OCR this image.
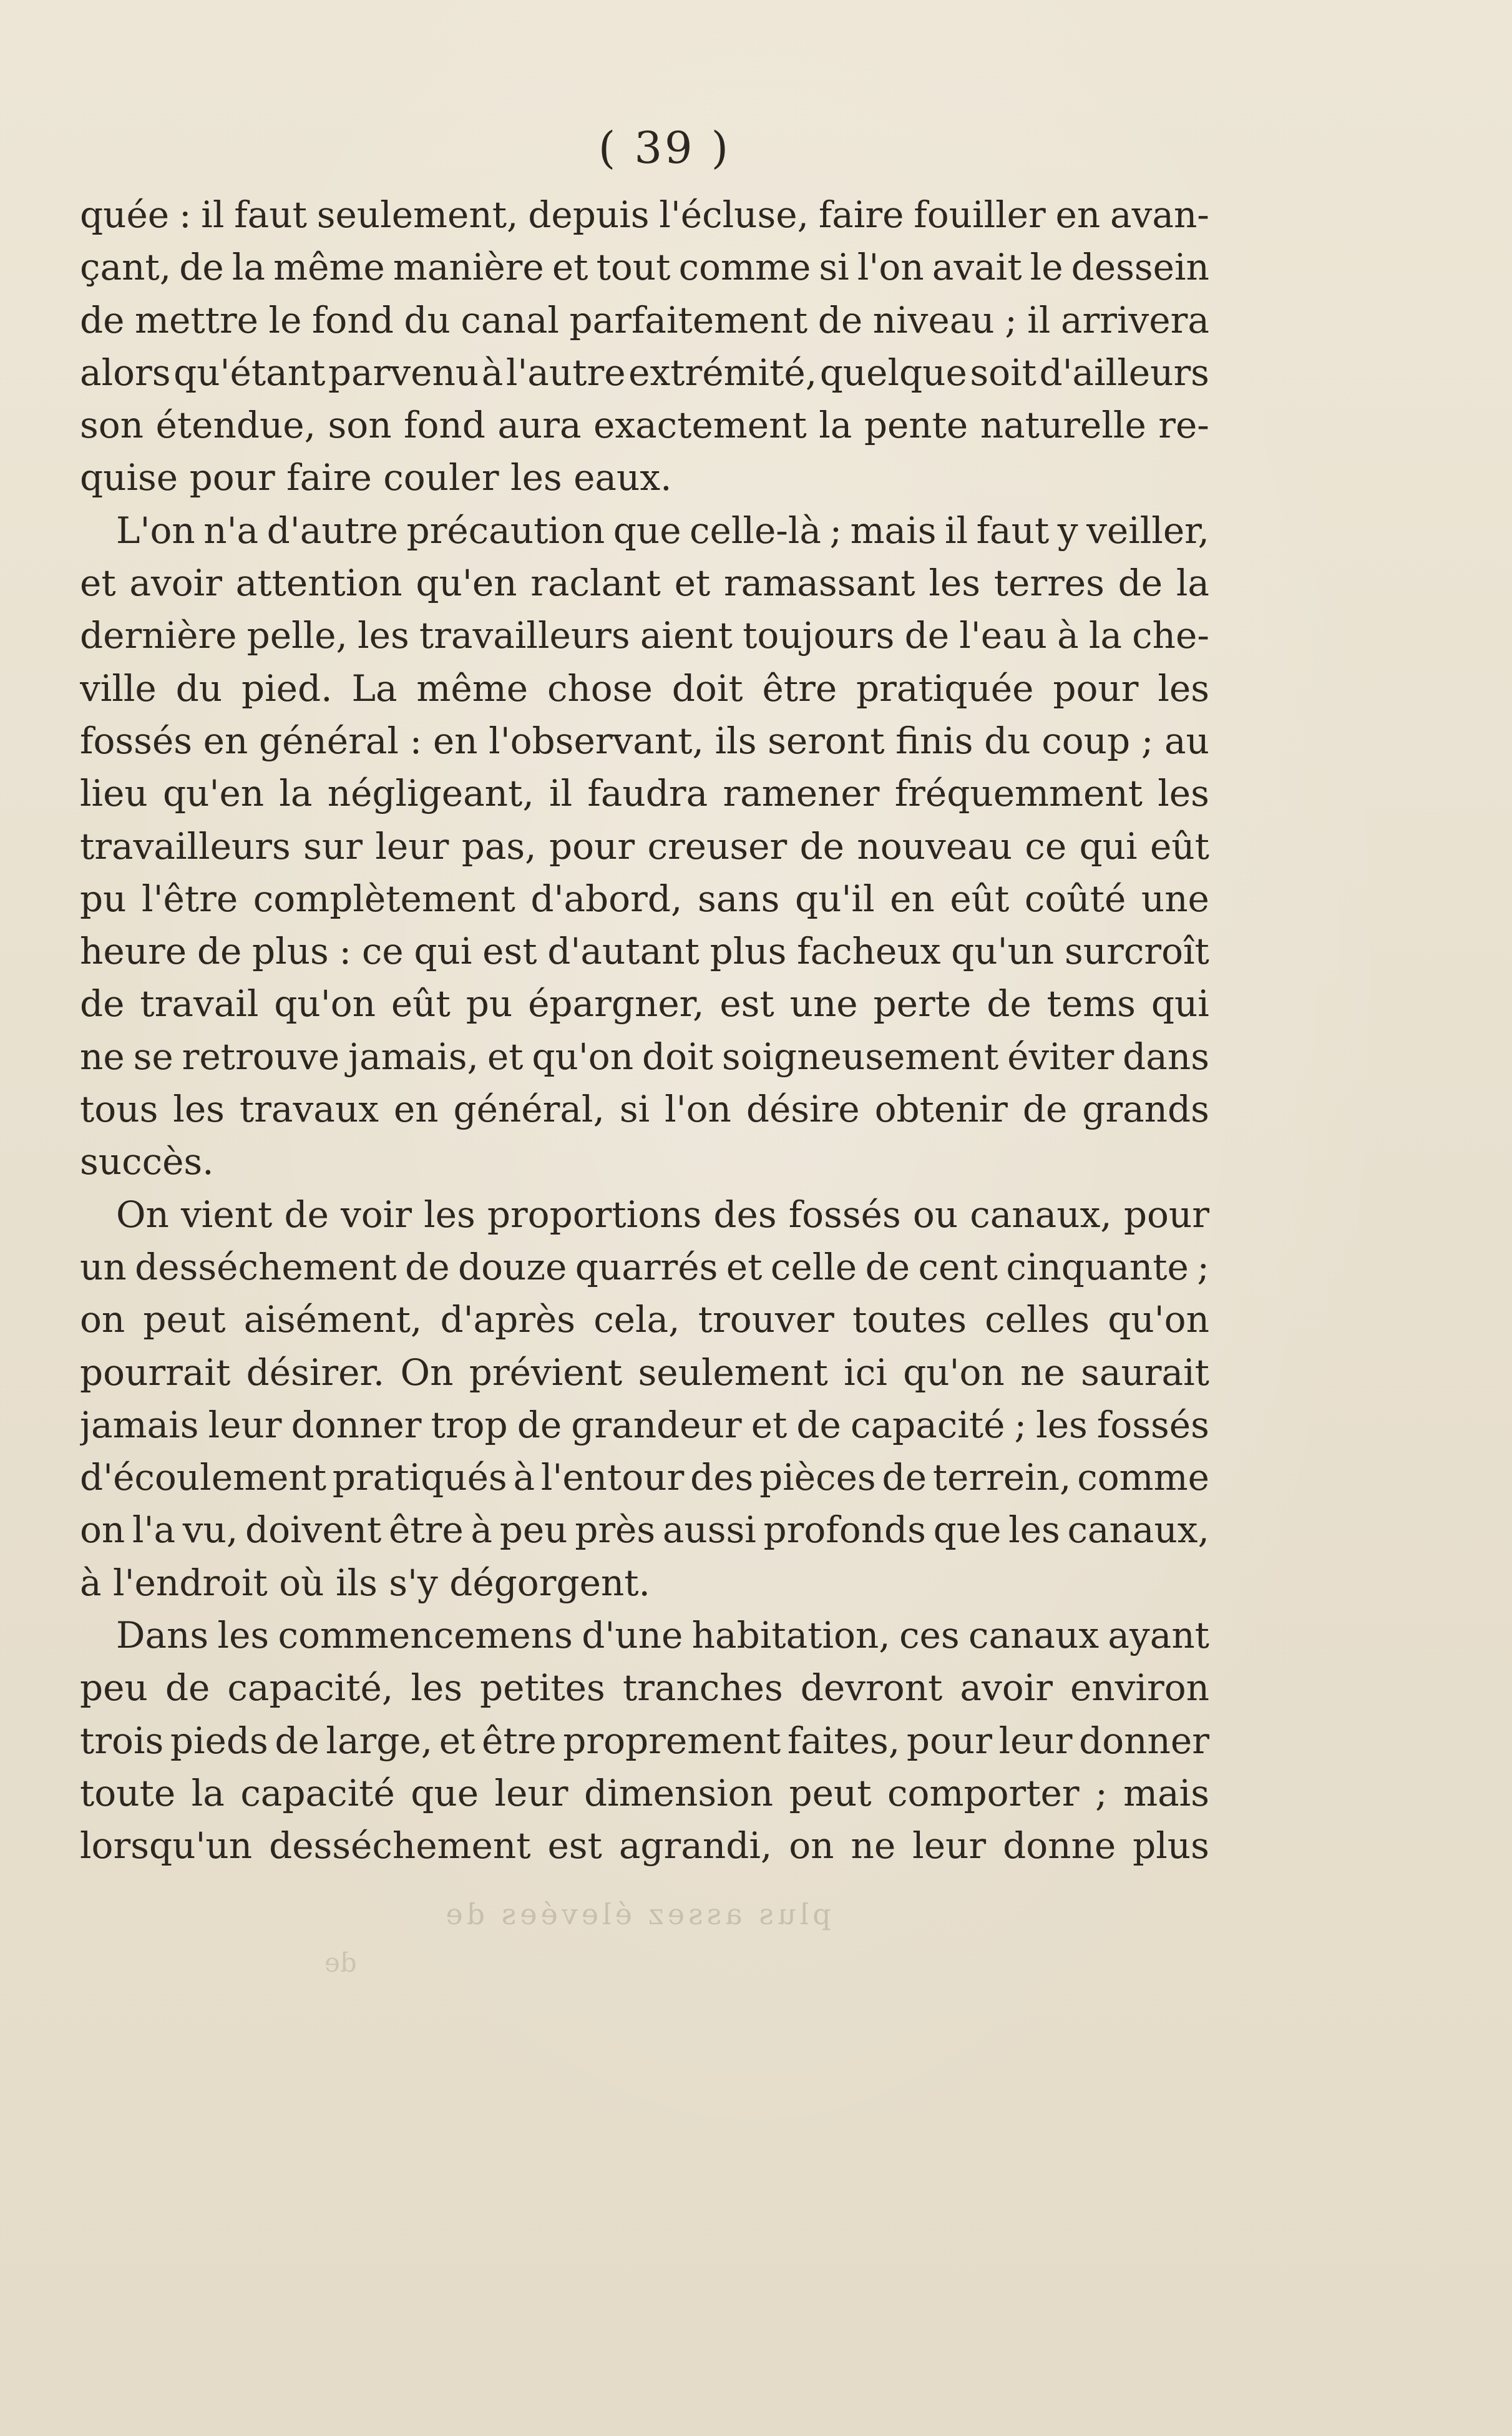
( 39 )
quée : il faut seulement, depuis l'écluse, faire fouiller en avan-
çant, de la même manière et tout comme si l'on avait le dessein
de mettre le fond du canal parfaitement de niveau ; il arrivera
alors qu'étant parvenu à l'autre extrémité, quelque soit d'ailleurs
son étendue, son fond aura exactement la pente naturelle re-
quise pour faire couler les eaux.
L'on n'a d'autre précaution que celle-là ; mais il faut y veiller,
et avoir attention qu'en raclant et ramassant les terres de la
dernière pelle, les travailleurs aient toujours de l'eau à la che-
ville du pied. La même chose doit être pratiquée pour les
fossés en général : en l'observant, ils seront finis du coup ; au
lieu qu'en la négligeant, il faudra ramener fréquemment les
travailleurs sur leur pas, pour creuser de nouveau ce qui eût
pu l'être complètement d'abord, sans qu'il en eût coûté une
heure de plus : ce qui est d'autant plus facheux qu'un surcroît
de travail qu'on eût pu épargner, est une perte de tems qui
ne se retrouve jamais, et qu'on doit soigneusement éviter dans
tous les travaux en général, si l'on désire obtenir de grands
succès.
On vient de voir les proportions des fossés ou canaux, pour
un desséchement de douze quarrés et celle de cent cinquante ;
on peut aisément, d'après cela, trouver toutes celles qu'on
pourrait désirer. On prévient seulement ici qu'on ne saurait
jamais leur donner trop de grandeur et de capacité ; les fossés
d'écoulement pratiqués à l'entour des pièces de terrein, comme
on l'a vu, doivent être à peu près aussi profonds que les canaux,
à l'endroit où ils s'y dégorgent.
Dans les commencemens d'une habitation, ces canaux ayant
peu de capacité, les petites tranches devront avoir environ
trois pieds de large, et être proprement faites, pour leur donner
toute la capacité que leur dimension peut comporter ; mais
lorsqu'un desséchement est agrandi, on ne leur donne plus
plus assez élevées de
de
